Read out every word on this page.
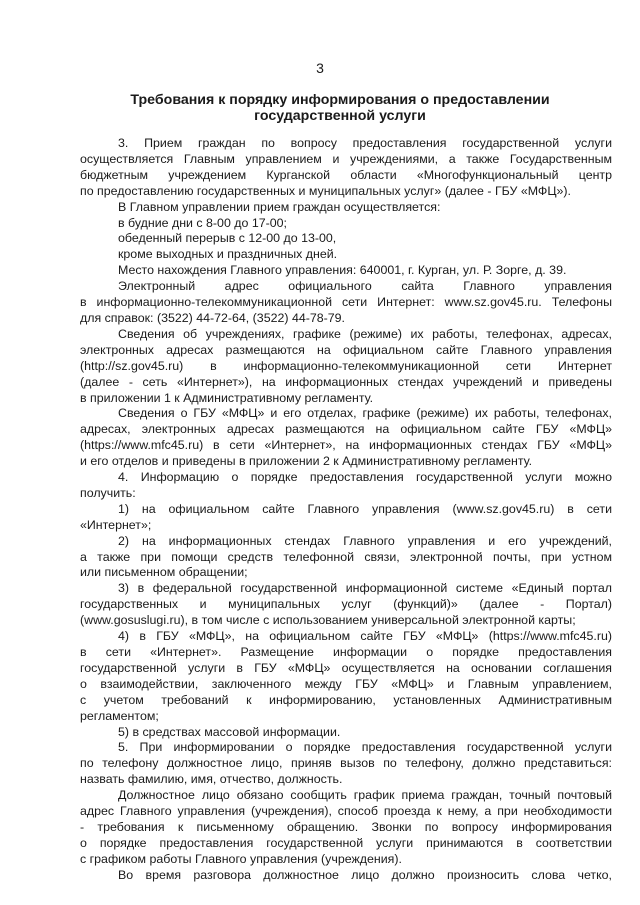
3
Требования к порядку информирования о предоставлении
государственной услуги

3. Прием граждан по вопросу предоставления государственной услуги

осуществляется Главным управлением и учреждениями, а также Государственным

бюджетным учреждением Курганской области «Многофункциональный центр

по предоставлению государственных и муниципальных услуг» (далее - ГБУ «МФЦ»).

В Главном управлении прием граждан осуществляется:

в будние дни с 8-00 до 17-00;

обеденный перерыв с 12-00 до 13-00,

кроме выходных и праздничных дней.

Место нахождения Главного управления: 640001, г. Курган, ул. Р. Зорге, д. 39.

Электронный адрес официального сайта Главного управления

в информационно-телекоммуникационной сети Интернет: www.sz.gov45.ru. Телефоны

для справок: (3522) 44-72-64, (3522) 44-78-79.

Сведения об учреждениях, графике (режиме) их работы, телефонах, адресах,

электронных адресах размещаются на официальном сайте Главного управления

(http://sz.gov45.ru) в информационно-телекоммуникационной сети Интернет

(далее - сеть «Интернет»), на информационных стендах учреждений и приведены

в приложении 1 к Административному регламенту.

Сведения о ГБУ «МФЦ» и его отделах, графике (режиме) их работы, телефонах,

адресах, электронных адресах размещаются на официальном сайте ГБУ «МФЦ»

(https://www.mfc45.ru) в сети «Интернет», на информационных стендах ГБУ «МФЦ»

и его отделов и приведены в приложении 2 к Административному регламенту.

4. Информацию о порядке предоставления государственной услуги можно

получить:

1) на официальном сайте Главного управления (www.sz.gov45.ru) в сети

«Интернет»;

2) на информационных стендах Главного управления и его учреждений,

а также при помощи средств телефонной связи, электронной почты, при устном

или письменном обращении;

3) в федеральной государственной информационной системе «Единый портал

государственных и муниципальных услуг (функций)» (далее - Портал)

(www.gosuslugi.ru), в том числе с использованием универсальной электронной карты;

4) в ГБУ «МФЦ», на официальном сайте ГБУ «МФЦ» (https://www.mfc45.ru)

в сети «Интернет». Размещение информации о порядке предоставления

государственной услуги в ГБУ «МФЦ» осуществляется на основании соглашения

о взаимодействии, заключенного между ГБУ «МФЦ» и Главным управлением,

с учетом требований к информированию, установленных Административным

регламентом;

5) в средствах массовой информации.

5. При информировании о порядке предоставления государственной услуги

по телефону должностное лицо, приняв вызов по телефону, должно представиться:

назвать фамилию, имя, отчество, должность.

Должностное лицо обязано сообщить график приема граждан, точный почтовый

адрес Главного управления (учреждения), способ проезда к нему, а при необходимости

- требования к письменному обращению. Звонки по вопросу информирования

о порядке предоставления государственной услуги принимаются в соответствии

с графиком работы Главного управления (учреждения).

Во время разговора должностное лицо должно произносить слова четко,
